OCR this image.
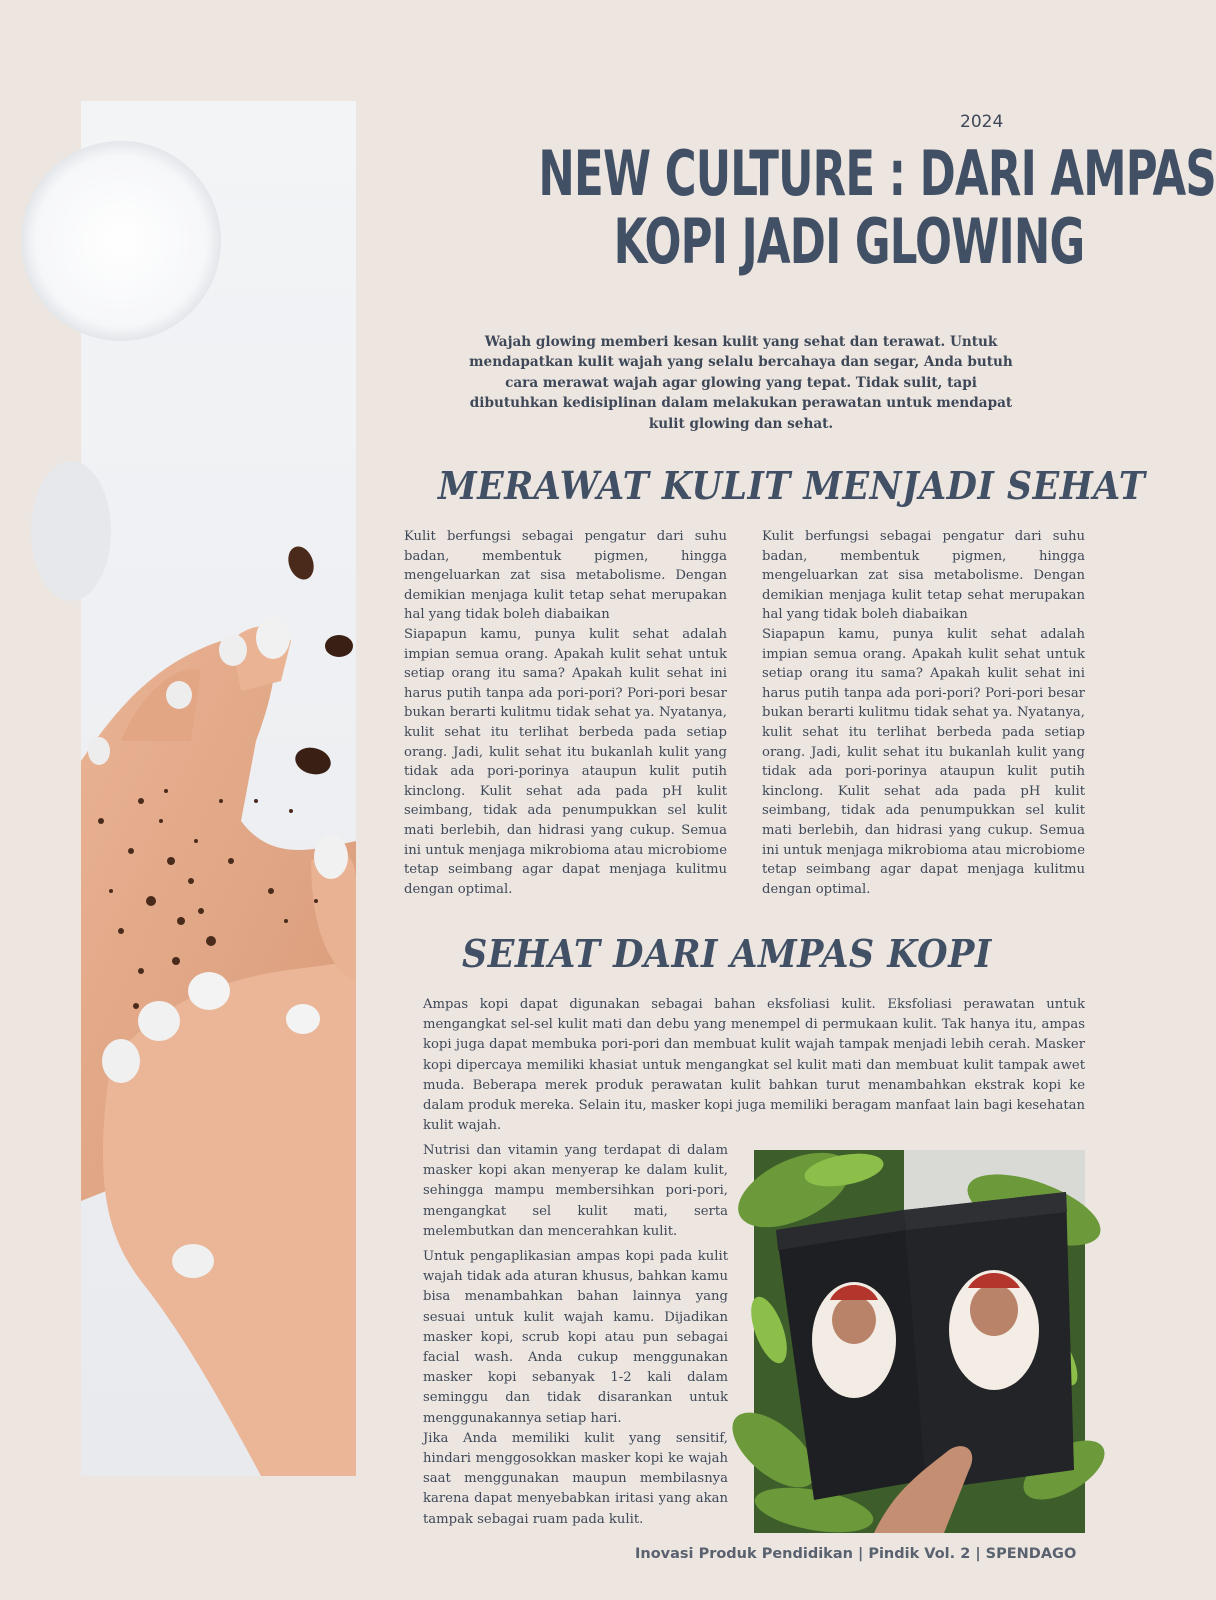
2024
NEW CULTURE : DARI AMPAS
KOPI JADI GLOWING

Wajah glowing memberi kesan kulit yang sehat dan terawat. Untuk mendapatkan kulit wajah yang selalu bercahaya dan segar, Anda butuh cara merawat wajah agar glowing yang tepat. Tidak sulit, tapi dibutuhkan kedisiplinan dalam melakukan perawatan untuk mendapat kulit glowing dan sehat.

MERAWAT KULIT MENJADI SEHAT

Kulit berfungsi sebagai pengatur dari suhu badan, membentuk pigmen, hingga mengeluarkan zat sisa metabolisme. Dengan demikian menjaga kulit tetap sehat merupakan hal yang tidak boleh diabaikan

Siapapun kamu, punya kulit sehat adalah impian semua orang. Apakah kulit sehat untuk setiap orang itu sama? Apakah kulit sehat ini harus putih tanpa ada pori-pori? Pori-pori besar bukan berarti kulitmu tidak sehat ya. Nyatanya, kulit sehat itu terlihat berbeda pada setiap orang. Jadi, kulit sehat itu bukanlah kulit yang tidak ada pori-porinya ataupun kulit putih kinclong. Kulit sehat ada pada pH kulit seimbang, tidak ada penumpukkan sel kulit mati berlebih, dan hidrasi yang cukup. Semua ini untuk menjaga mikrobioma atau microbiome tetap seimbang agar dapat menjaga kulitmu dengan optimal.

Kulit berfungsi sebagai pengatur dari suhu badan, membentuk pigmen, hingga mengeluarkan zat sisa metabolisme. Dengan demikian menjaga kulit tetap sehat merupakan hal yang tidak boleh diabaikan

Siapapun kamu, punya kulit sehat adalah impian semua orang. Apakah kulit sehat untuk setiap orang itu sama? Apakah kulit sehat ini harus putih tanpa ada pori-pori? Pori-pori besar bukan berarti kulitmu tidak sehat ya. Nyatanya, kulit sehat itu terlihat berbeda pada setiap orang. Jadi, kulit sehat itu bukanlah kulit yang tidak ada pori-porinya ataupun kulit putih kinclong. Kulit sehat ada pada pH kulit seimbang, tidak ada penumpukkan sel kulit mati berlebih, dan hidrasi yang cukup. Semua ini untuk menjaga mikrobioma atau microbiome tetap seimbang agar dapat menjaga kulitmu dengan optimal.

SEHAT DARI AMPAS KOPI

Ampas kopi dapat digunakan sebagai bahan eksfoliasi kulit. Eksfoliasi perawatan untuk mengangkat sel-sel kulit mati dan debu yang menempel di permukaan kulit. Tak hanya itu, ampas kopi juga dapat membuka pori-pori dan membuat kulit wajah tampak menjadi lebih cerah. Masker kopi dipercaya memiliki khasiat untuk mengangkat sel kulit mati dan membuat kulit tampak awet muda. Beberapa merek produk perawatan kulit bahkan turut menambahkan ekstrak kopi ke dalam produk mereka. Selain itu, masker kopi juga memiliki beragam manfaat lain bagi kesehatan kulit wajah.

Nutrisi dan vitamin yang terdapat di dalam masker kopi akan menyerap ke dalam kulit, sehingga mampu membersihkan pori-pori, mengangkat sel kulit mati, serta melembutkan dan mencerahkan kulit.

Untuk pengaplikasian ampas kopi pada kulit wajah tidak ada aturan khusus, bahkan kamu bisa menambahkan bahan lainnya yang sesuai untuk kulit wajah kamu. Dijadikan masker kopi, scrub kopi atau pun sebagai facial wash. Anda cukup menggunakan masker kopi sebanyak 1-2 kali dalam seminggu dan tidak disarankan untuk menggunakannya setiap hari.

Jika Anda memiliki kulit yang sensitif, hindari menggosokkan masker kopi ke wajah saat menggunakan maupun membilasnya karena dapat menyebabkan iritasi yang akan tampak sebagai ruam pada kulit.

Inovasi Produk Pendidikan | Pindik Vol. 2 | SPENDAGO
